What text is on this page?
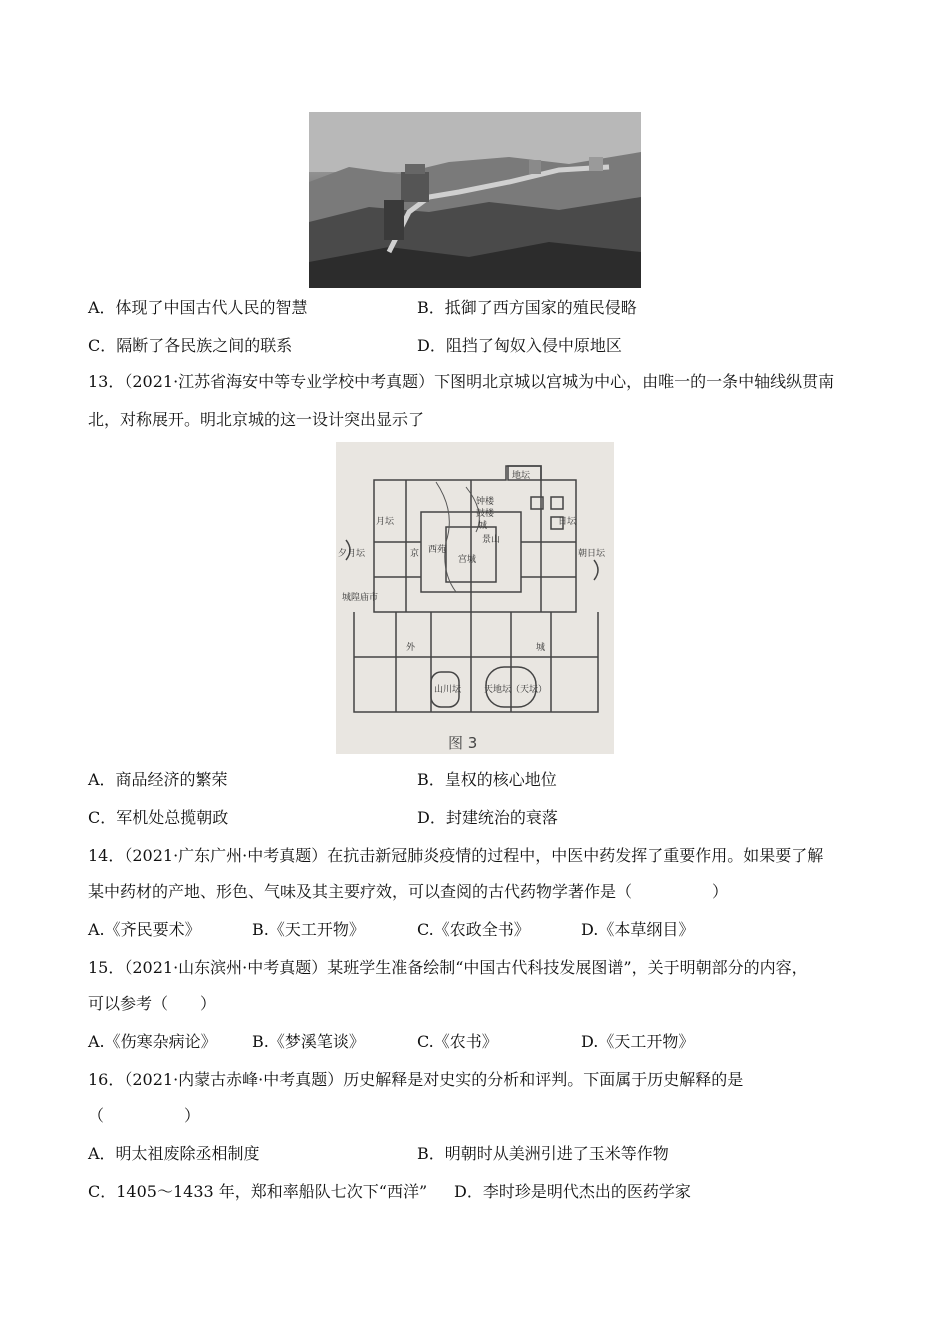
A．体现了中国古代人民的智慧	B．抵御了西方国家的殖民侵略
C．隔断了各民族之间的联系	D．阻挡了匈奴入侵中原地区
13．（2021·江苏省海安中等专业学校中考真题）下图明北京城以宫城为中心，由唯一的一条中轴线纵贯南
北，对称展开。明北京城的这一设计突出显示了
地坛
钟楼
鼓楼
城
西苑
景山
京
宫城
夕月坛	朝日坛
城隍庙市
外	城
山川坛	天地坛（天坛）
日坛
月坛
图 3
A．商品经济的繁荣	B．皇权的核心地位
C．军机处总揽朝政	D．封建统治的衰落
14．（2021·广东广州·中考真题）在抗击新冠肺炎疫情的过程中，中医中药发挥了重要作用。如果要了解
某中药材的产地、形色、气味及其主要疗效，可以查阅的古代药物学著作是（　　　　　）
A.《齐民要术》	B.《天工开物》	C.《农政全书》	D.《本草纲目》
15．（2021·山东滨州·中考真题）某班学生准备绘制“中国古代科技发展图谱”，关于明朝部分的内容，
可以参考（　　）
A.《伤寒杂病论》 B.《梦溪笔谈》	C.《农书》	D.《天工开物》
16．（2021·内蒙古赤峰·中考真题）历史解释是对史实的分析和评判。下面属于历史解释的是
（　　　　　）
A．明太祖废除丞相制度	B．明朝时从美洲引进了玉米等作物
C．1405～1433 年，郑和率船队七次下“西洋” D．李时珍是明代杰出的医药学家
